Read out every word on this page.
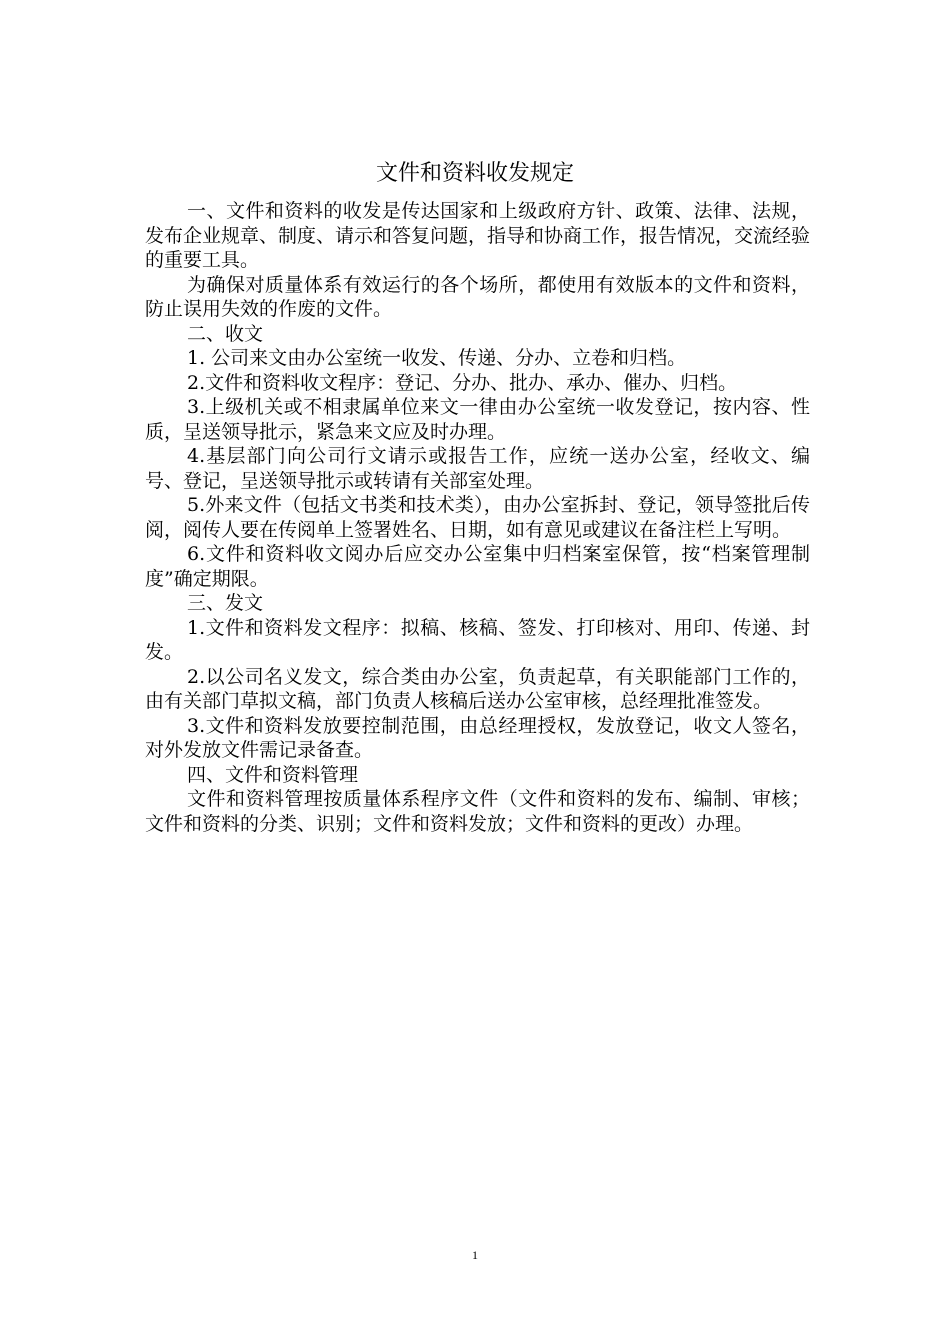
文件和资料收发规定

一、文件和资料的收发是传达国家和上级政府方针、政策、法律、法规，发布企业规章、制度、请示和答复问题，指导和协商工作，报告情况，交流经验的重要工具。

为确保对质量体系有效运行的各个场所，都使用有效版本的文件和资料，防止误用失效的作废的文件。

二、收文

1. 公司来文由办公室统一收发、传递、分办、立卷和归档。

2.文件和资料收文程序：登记、分办、批办、承办、催办、归档。

3.上级机关或不相隶属单位来文一律由办公室统一收发登记，按内容、性质，呈送领导批示，紧急来文应及时办理。

4.基层部门向公司行文请示或报告工作，应统一送办公室，经收文、编号、登记，呈送领导批示或转请有关部室处理。

5.外来文件（包括文书类和技术类），由办公室拆封、登记，领导签批后传阅，阅传人要在传阅单上签署姓名、日期，如有意见或建议在备注栏上写明。

6.文件和资料收文阅办后应交办公室集中归档案室保管，按“档案管理制度”确定期限。

三、发文

1.文件和资料发文程序：拟稿、核稿、签发、打印核对、用印、传递、封发。

2.以公司名义发文，综合类由办公室，负责起草，有关职能部门工作的，由有关部门草拟文稿，部门负责人核稿后送办公室审核，总经理批准签发。

3.文件和资料发放要控制范围，由总经理授权，发放登记，收文人签名，对外发放文件需记录备查。

四、文件和资料管理

文件和资料管理按质量体系程序文件（文件和资料的发布、编制、审核；文件和资料的分类、识别；文件和资料发放；文件和资料的更改）办理。

1
